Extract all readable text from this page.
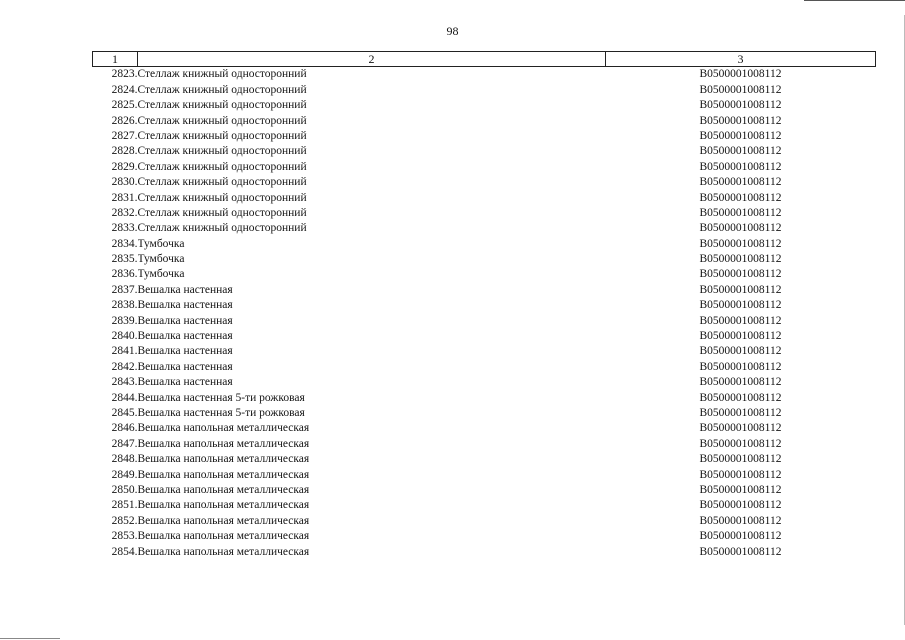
98
1	2	3
2823.	Стеллаж книжный односторонний	B0500001008112
2824.	Стеллаж книжный односторонний	B0500001008112
2825.	Стеллаж книжный односторонний	B0500001008112
2826.	Стеллаж книжный односторонний	B0500001008112
2827.	Стеллаж книжный односторонний	B0500001008112
2828.	Стеллаж книжный односторонний	B0500001008112
2829.	Стеллаж книжный односторонний	B0500001008112
2830.	Стеллаж книжный односторонний	B0500001008112
2831.	Стеллаж книжный односторонний	B0500001008112
2832.	Стеллаж книжный односторонний	B0500001008112
2833.	Стеллаж книжный односторонний	B0500001008112
2834.	Тумбочка	B0500001008112
2835.	Тумбочка	B0500001008112
2836.	Тумбочка	B0500001008112
2837.	Вешалка настенная	B0500001008112
2838.	Вешалка настенная	B0500001008112
2839.	Вешалка настенная	B0500001008112
2840.	Вешалка настенная	B0500001008112
2841.	Вешалка настенная	B0500001008112
2842.	Вешалка настенная	B0500001008112
2843.	Вешалка настенная	B0500001008112
2844.	Вешалка настенная 5-ти рожковая	B0500001008112
2845.	Вешалка настенная 5-ти рожковая	B0500001008112
2846.	Вешалка напольная металлическая	B0500001008112
2847.	Вешалка напольная металлическая	B0500001008112
2848.	Вешалка напольная металлическая	B0500001008112
2849.	Вешалка напольная металлическая	B0500001008112
2850.	Вешалка напольная металлическая	B0500001008112
2851.	Вешалка напольная металлическая	B0500001008112
2852.	Вешалка напольная металлическая	B0500001008112
2853.	Вешалка напольная металлическая	B0500001008112
2854.	Вешалка напольная металлическая	B0500001008112
